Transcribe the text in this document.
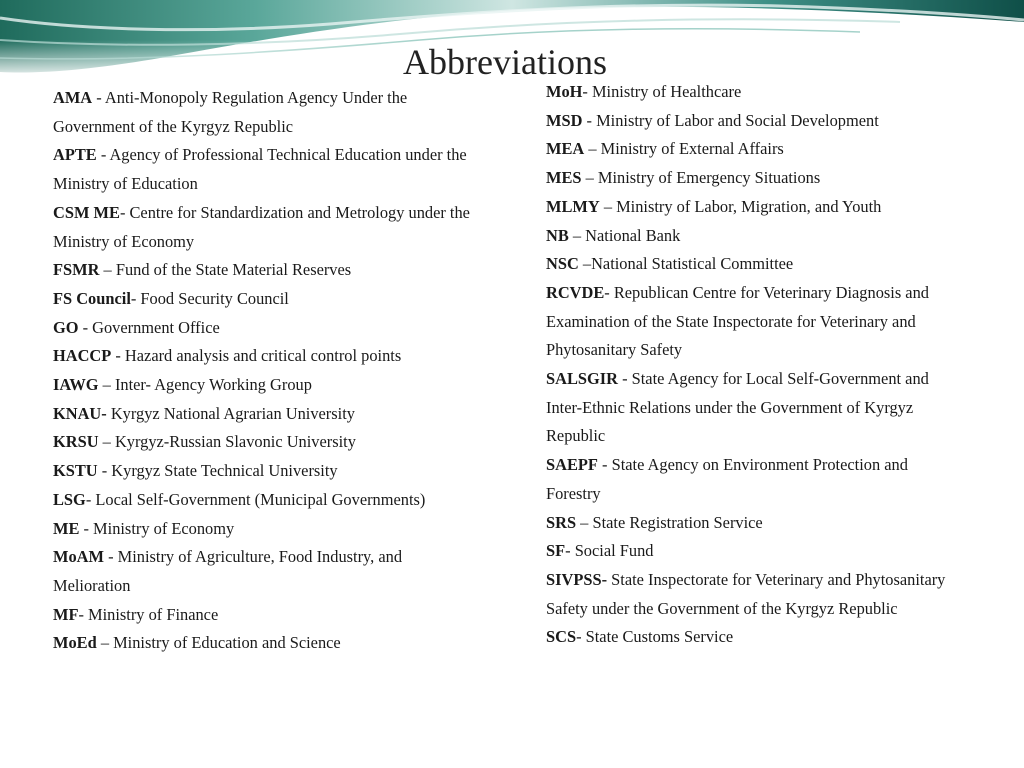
Abbreviations

AMA - Anti-Monopoly Regulation Agency Under the Government of the Kyrgyz Republic

APTE - Agency of Professional Technical Education under the Ministry of Education

CSM ME- Centre for Standardization and Metrology under the Ministry of Economy

FSMR – Fund of the State Material Reserves

FS Council- Food Security Council

GO - Government Office

HACCP - Hazard analysis and critical control points

IAWG – Inter- Agency Working Group

KNAU- Kyrgyz National Agrarian University

KRSU – Kyrgyz-Russian Slavonic University

KSTU - Kyrgyz State Technical University

LSG- Local Self-Government (Municipal Governments)

ME - Ministry of Economy

MoAM - Ministry of Agriculture, Food Industry, and Melioration

MF- Ministry of Finance

MoEd – Ministry of Education and Science

MoH- Ministry of Healthcare

MSD - Ministry of Labor and Social Development

MEA – Ministry of External Affairs

MES – Ministry of Emergency Situations

MLMY – Ministry of Labor, Migration, and Youth

NB – National Bank

NSC –National Statistical Committee

RCVDE- Republican Centre for Veterinary Diagnosis and Examination of the State Inspectorate for Veterinary and Phytosanitary Safety

SALSGIR - State Agency for Local Self-Government and Inter-Ethnic Relations under the Government of Kyrgyz Republic

SAEPF - State Agency on Environment Protection and Forestry

SRS – State Registration Service

SF- Social Fund

SIVPSS- State Inspectorate for Veterinary and Phytosanitary Safety under the Government of the Kyrgyz Republic

SCS- State Customs Service
